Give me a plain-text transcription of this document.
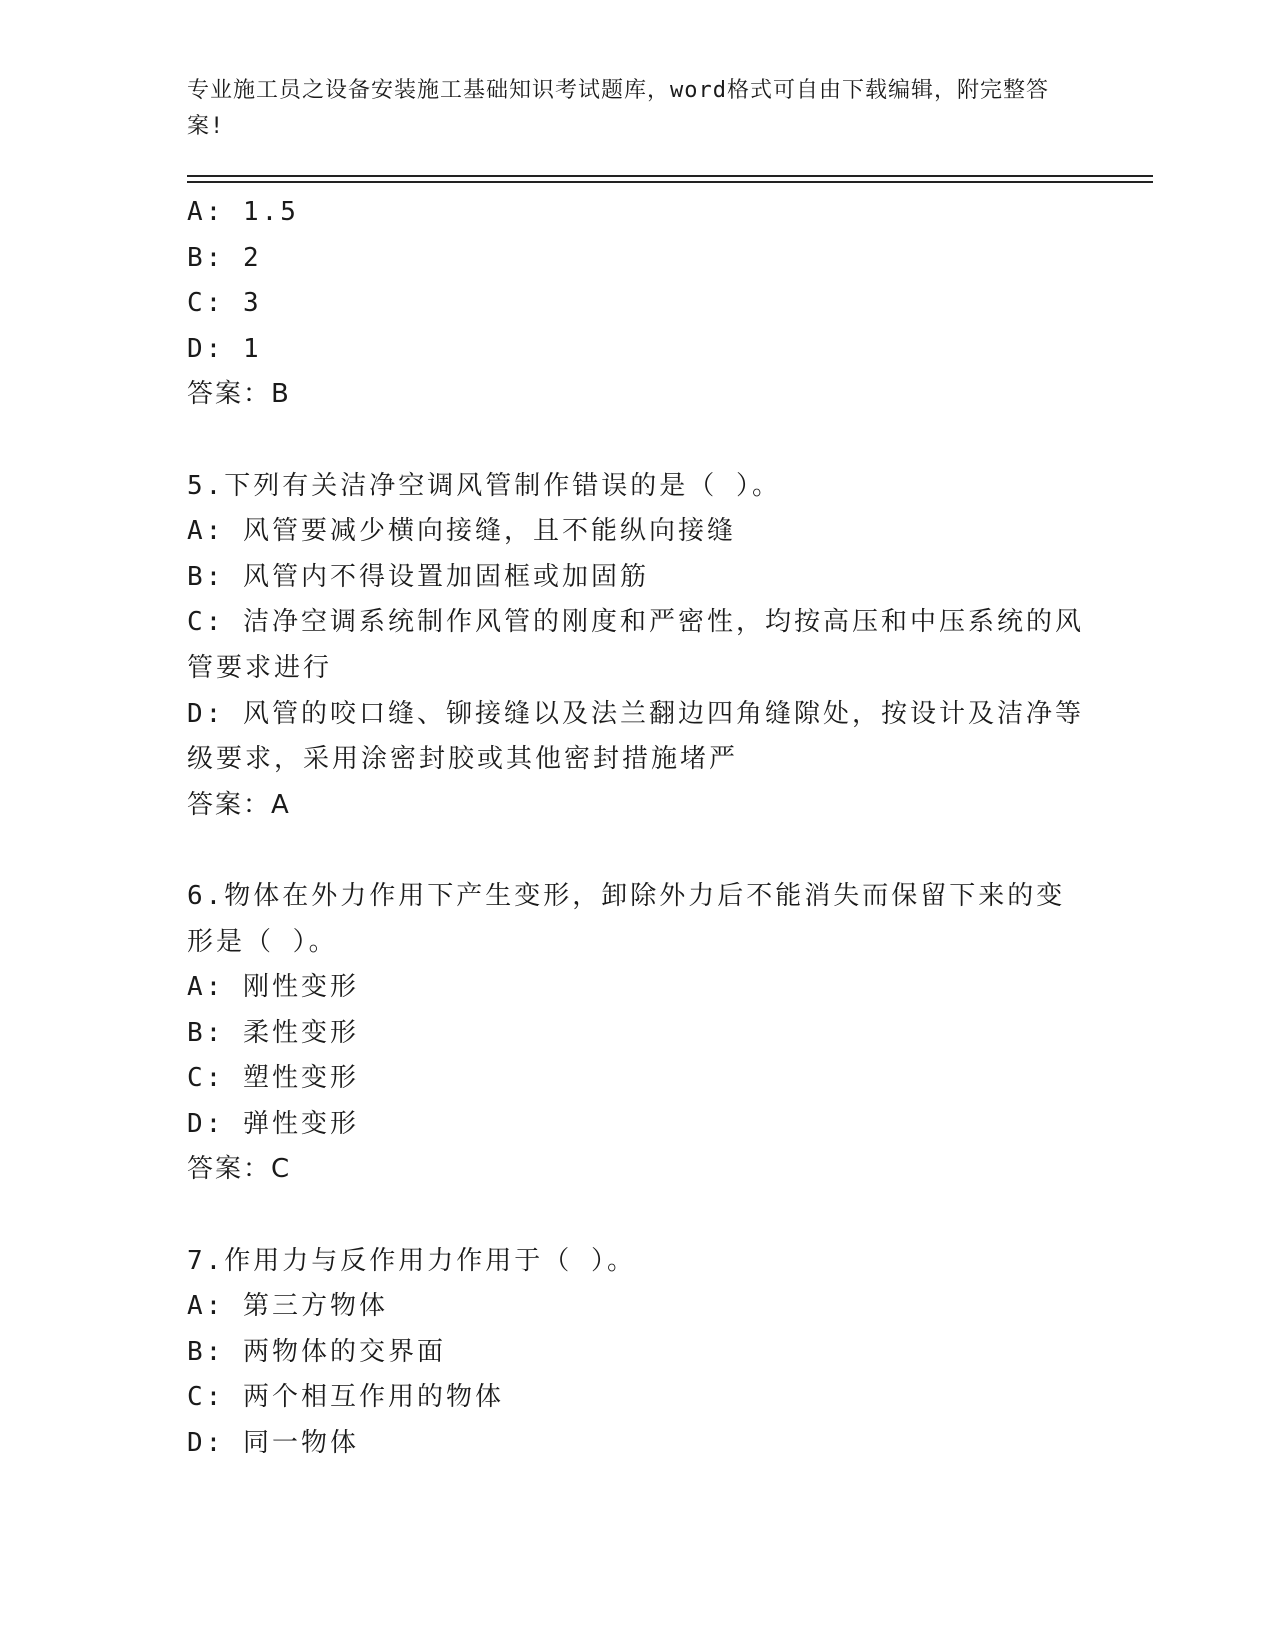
专业施工员之设备安装施工基础知识考试题库，word格式可自由下载编辑，附完整答案!
A: 1.5
B: 2
C: 3
D: 1
答案：B
5.下列有关洁净空调风管制作错误的是（ ）。
A: 风管要减少横向接缝，且不能纵向接缝
B: 风管内不得设置加固框或加固筋
C: 洁净空调系统制作风管的刚度和严密性，均按高压和中压系统的风
管要求进行
D: 风管的咬口缝、铆接缝以及法兰翻边四角缝隙处，按设计及洁净等
级要求，采用涂密封胶或其他密封措施堵严
答案：A
6.物体在外力作用下产生变形，卸除外力后不能消失而保留下来的变
形是（ ）。
A: 刚性变形
B: 柔性变形
C: 塑性变形
D: 弹性变形
答案：C
7.作用力与反作用力作用于（ ）。
A: 第三方物体
B: 两物体的交界面
C: 两个相互作用的物体
D: 同一物体
